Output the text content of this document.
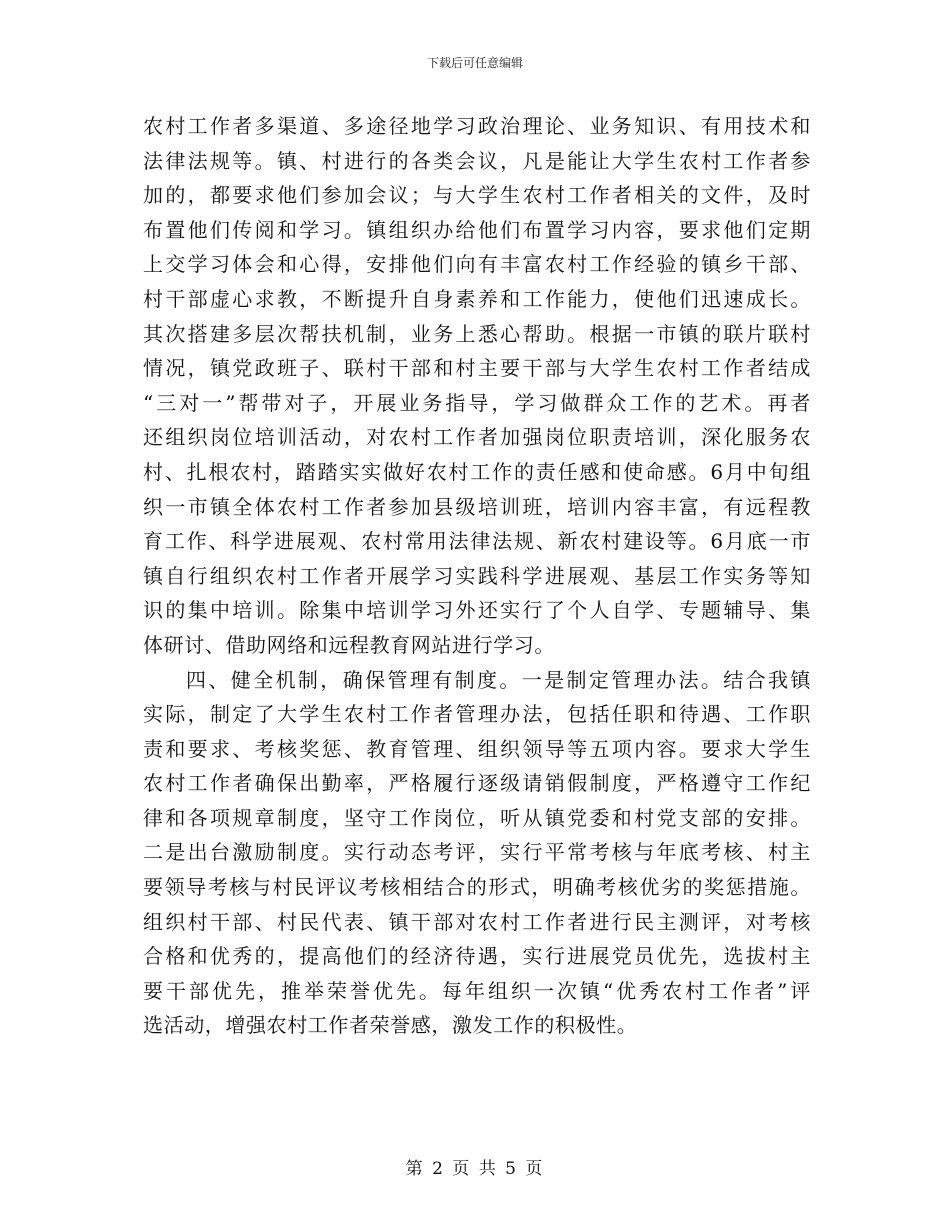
下载后可任意编辑
农村工作者多渠道、多途径地学习政治理论、业务知识、有用技术和
法律法规等。镇、村进行的各类会议，凡是能让大学生农村工作者参
加的，都要求他们参加会议；与大学生农村工作者相关的文件，及时
布置他们传阅和学习。镇组织办给他们布置学习内容，要求他们定期
上交学习体会和心得，安排他们向有丰富农村工作经验的镇乡干部、
村干部虚心求教，不断提升自身素养和工作能力，使他们迅速成长。
其次搭建多层次帮扶机制，业务上悉心帮助。根据一市镇的联片联村
情况，镇党政班子、联村干部和村主要干部与大学生农村工作者结成
“三对一”帮带对子，开展业务指导，学习做群众工作的艺术。再者
还组织岗位培训活动，对农村工作者加强岗位职责培训，深化服务农
村、扎根农村，踏踏实实做好农村工作的责任感和使命感。6月中旬组
织一市镇全体农村工作者参加县级培训班，培训内容丰富，有远程教
育工作、科学进展观、农村常用法律法规、新农村建设等。6月底一市
镇自行组织农村工作者开展学习实践科学进展观、基层工作实务等知
识的集中培训。除集中培训学习外还实行了个人自学、专题辅导、集
体研讨、借助网络和远程教育网站进行学习。
四、健全机制，确保管理有制度。一是制定管理办法。结合我镇
实际，制定了大学生农村工作者管理办法，包括任职和待遇、工作职
责和要求、考核奖惩、教育管理、组织领导等五项内容。要求大学生
农村工作者确保出勤率，严格履行逐级请销假制度，严格遵守工作纪
律和各项规章制度，坚守工作岗位，听从镇党委和村党支部的安排。
二是出台激励制度。实行动态考评，实行平常考核与年底考核、村主
要领导考核与村民评议考核相结合的形式，明确考核优劣的奖惩措施。
组织村干部、村民代表、镇干部对农村工作者进行民主测评，对考核
合格和优秀的，提高他们的经济待遇，实行进展党员优先，选拔村主
要干部优先，推举荣誉优先。每年组织一次镇“优秀农村工作者”评
选活动，增强农村工作者荣誉感，激发工作的积极性。
第 2 页 共 5 页
